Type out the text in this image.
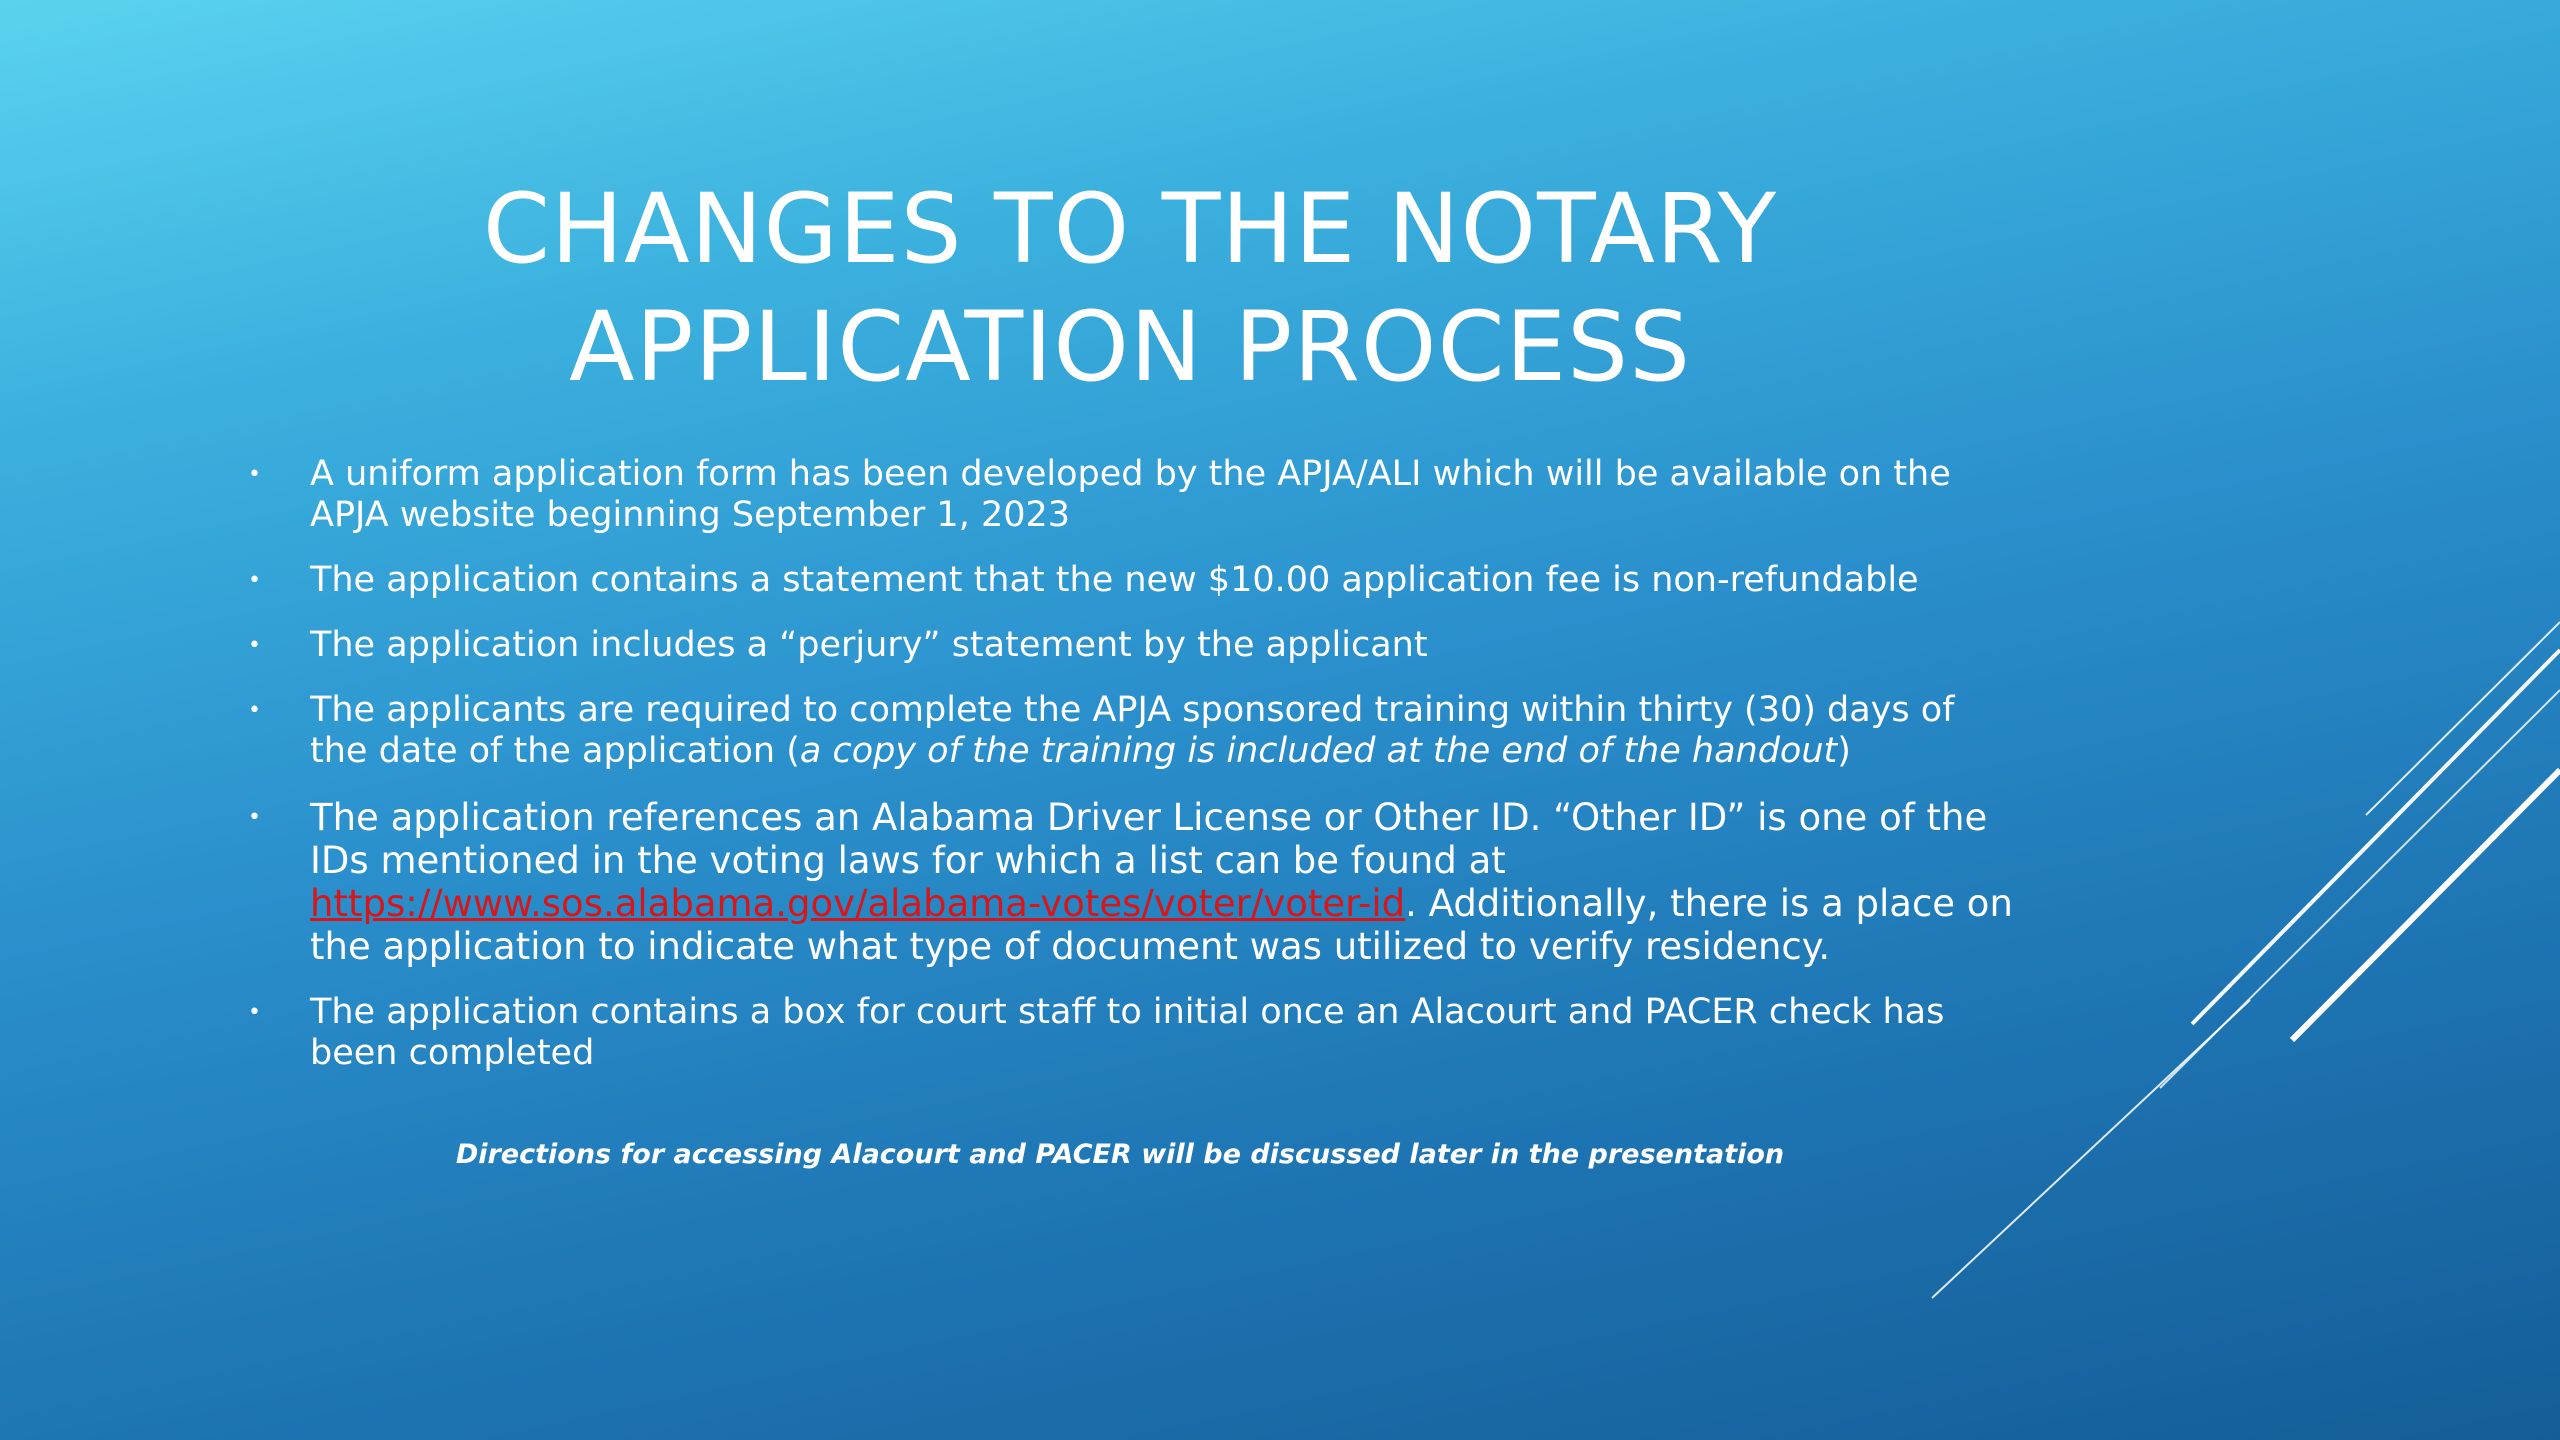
CHANGES TO THE NOTARY
APPLICATION PROCESS
• A uniform application form has been developed by the APJA/ALI which will be available on the APJA website beginning September 1, 2023
• The application contains a statement that the new $10.00 application fee is non-refundable
• The application includes a “perjury” statement by the applicant
• The applicants are required to complete the APJA sponsored training within thirty (30) days of the date of the application (a copy of the training is included at the end of the handout)
• The application references an Alabama Driver License or Other ID. “Other ID” is one of the IDs mentioned in the voting laws for which a list can be found at https://www.sos.alabama.gov/alabama-votes/voter/voter-id. Additionally, there is a place on the application to indicate what type of document was utilized to verify residency.
• The application contains a box for court staff to initial once an Alacourt and PACER check has been completed

Directions for accessing Alacourt and PACER will be discussed later in the presentation
